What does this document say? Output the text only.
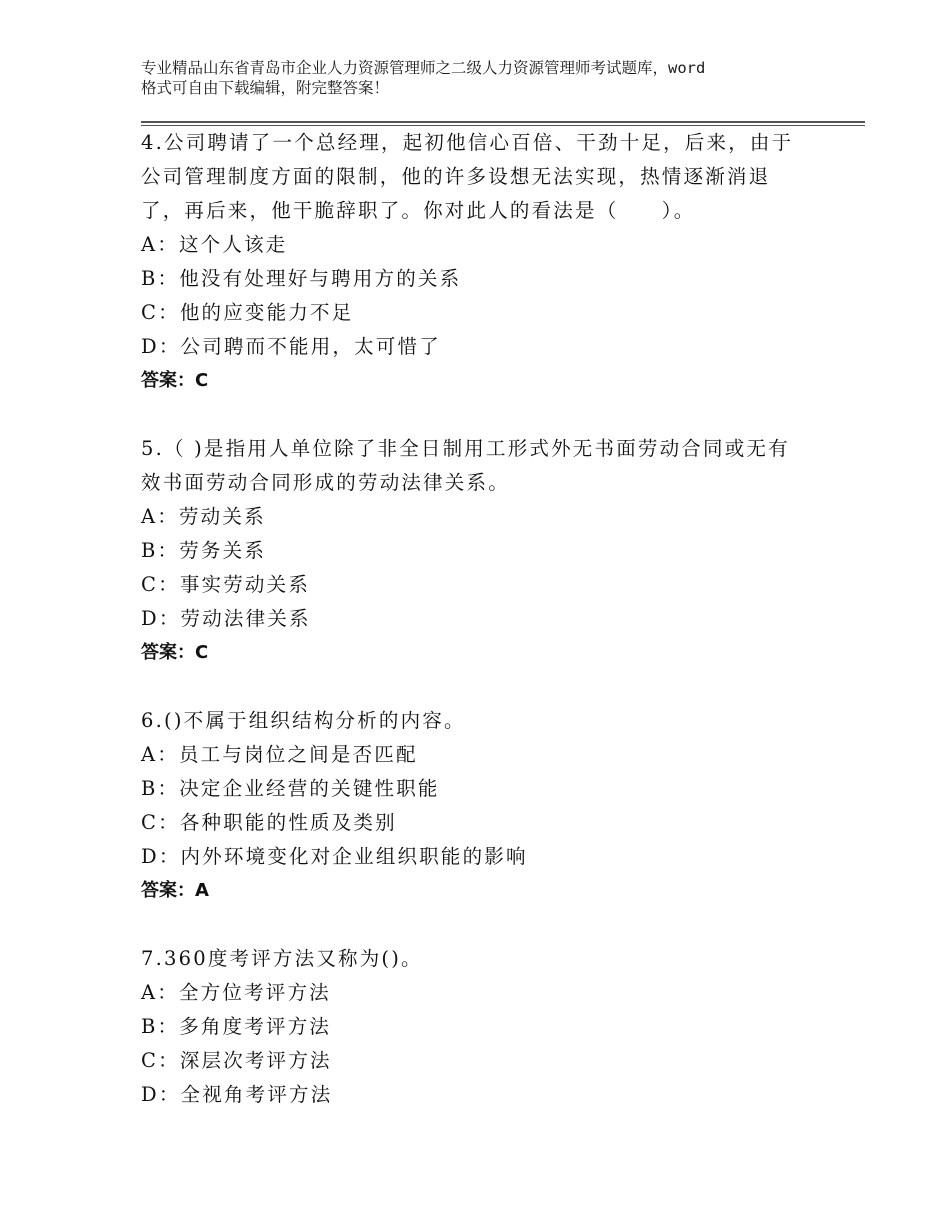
专业精品山东省青岛市企业人力资源管理师之二级人力资源管理师考试题库，word
格式可自由下载编辑，附完整答案！
4.公司聘请了一个总经理，起初他信心百倍、干劲十足，后来，由于
公司管理制度方面的限制，他的许多设想无法实现，热情逐渐消退
了，再后来，他干脆辞职了。你对此人的看法是（　　）。
A：这个人该走
B：他没有处理好与聘用方的关系
C：他的应变能力不足
D：公司聘而不能用，太可惜了
答案：C
5.（ )是指用人单位除了非全日制用工形式外无书面劳动合同或无有
效书面劳动合同形成的劳动法律关系。
A：劳动关系
B：劳务关系
C：事实劳动关系
D：劳动法律关系
答案：C
6.()不属于组织结构分析的内容。
A：员工与岗位之间是否匹配
B：决定企业经营的关键性职能
C：各种职能的性质及类别
D：内外环境变化对企业组织职能的影响
答案：A
7.360度考评方法又称为()。
A：全方位考评方法
B：多角度考评方法
C：深层次考评方法
D：全视角考评方法
